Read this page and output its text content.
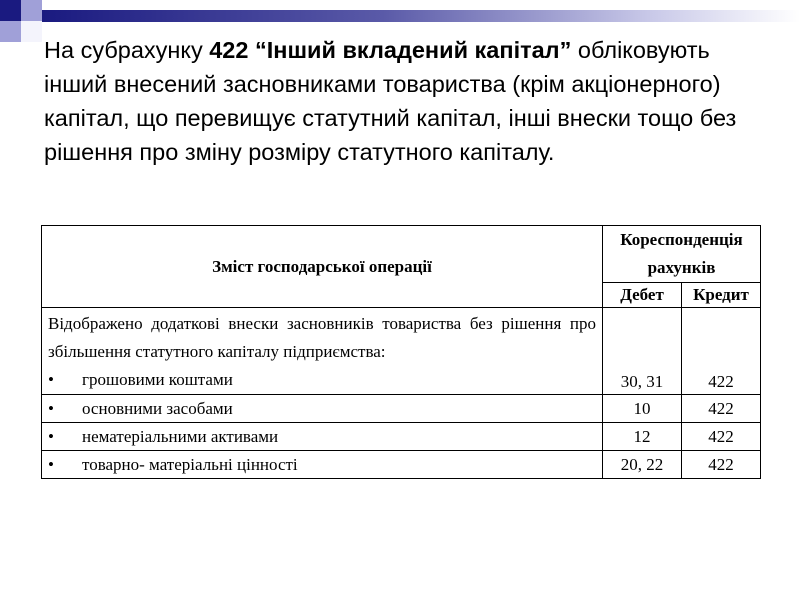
На субрахунку 422 “Інший вкладений капітал” обліковують інший внесений засновниками товариства (крім акціонерного) капітал, що перевищує статутний капітал, інші внески тощо без рішення про зміну розміру статутного капіталу.
Зміст господарської операції	Кореспонденція рахунків	
	Дебет	Кредит

Відображено додаткові внески засновників товариства без рішення про збільшення статутного капіталу підприємства:
• грошовими коштами	30, 31	422
• основними засобами	10	422
• нематеріальними активами	12	422
• товарно- матеріальні цінності	20, 22	422
